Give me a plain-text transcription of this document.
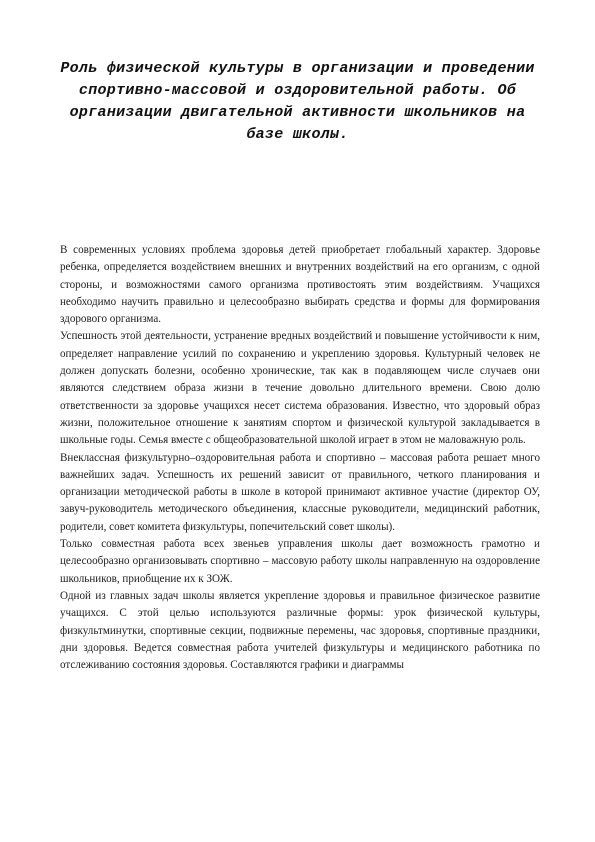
Роль физической культуры в организации и проведении спортивно-массовой и оздоровительной работы. Об организации двигательной активности школьников на базе школы.

В современных условиях проблема здоровья детей приобретает глобальный характер. Здоровье ребенка, определяется воздействием внешних и внутренних воздействий на его организм, с одной стороны, и возможностями самого организма противостоять этим воздействиям. Учащихся необходимо научить правильно и целесообразно выбирать средства и формы для формирования здорового организма.

Успешность этой деятельности, устранение вредных воздействий и повышение устойчивости к ним, определяет направление усилий по сохранению и укреплению здоровья. Культурный человек не должен допускать болезни, особенно хронические, так как в подавляющем числе случаев они являются следствием образа жизни в течение довольно длительного времени. Свою долю ответственности за здоровье учащихся несет система образования. Известно, что здоровый образ жизни, положительное отношение к занятиям спортом и физической культурой закладывается в школьные годы. Семья вместе с общеобразовательной школой играет в этом не маловажную роль.

Внеклассная физкультурно–оздоровительная работа и спортивно – массовая работа решает много важнейших задач. Успешность их решений зависит от правильного, четкого планирования и организации методической работы в школе в которой принимают активное участие (директор ОУ, завуч-руководитель методического объединения, классные руководители, медицинский работник, родители, совет комитета физкультуры, попечительский совет школы).

Только совместная работа всех звеньев управления школы дает возможность грамотно и целесообразно организовывать спортивно – массовую работу школы направленную на оздоровление школьников, приобщение их к ЗОЖ.

Одной из главных задач школы является укрепление здоровья и правильное физическое развитие учащихся. С этой целью используются различные формы: урок физической культуры, физкультминутки, спортивные секции, подвижные перемены, час здоровья, спортивные праздники, дни здоровья. Ведется совместная работа учителей физкультуры и медицинского работника по отслеживанию состояния здоровья. Составляются графики и диаграммы
